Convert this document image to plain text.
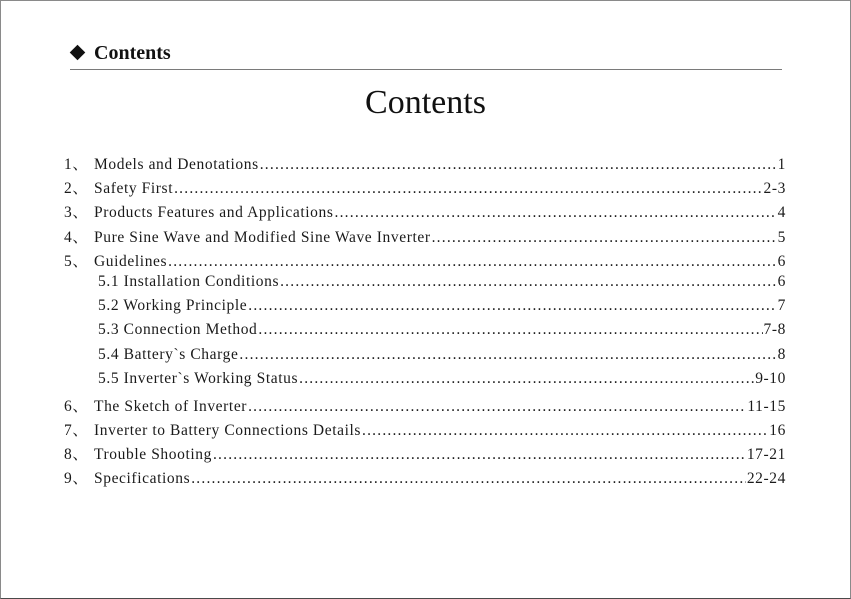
Contents
Contents
1、 Models and Denotations .....	1
2、 Safety First .....	2-3
3、 Products Features and Applications .....	4
4、 Pure Sine Wave and Modified Sine Wave Inverter .....	5
5、 Guidelines .....	6
5.1 Installation Conditions .....	6
5.2 Working Principle .....	7
5.3 Connection Method .....	7-8
5.4 Battery`s Charge .....	8
5.5 Inverter`s Working Status .....	9-10
6、 The Sketch of Inverter .....	11-15
7、 Inverter to Battery Connections Details .....	16
8、 Trouble Shooting .....	17-21
9、 Specifications .....	22-24
